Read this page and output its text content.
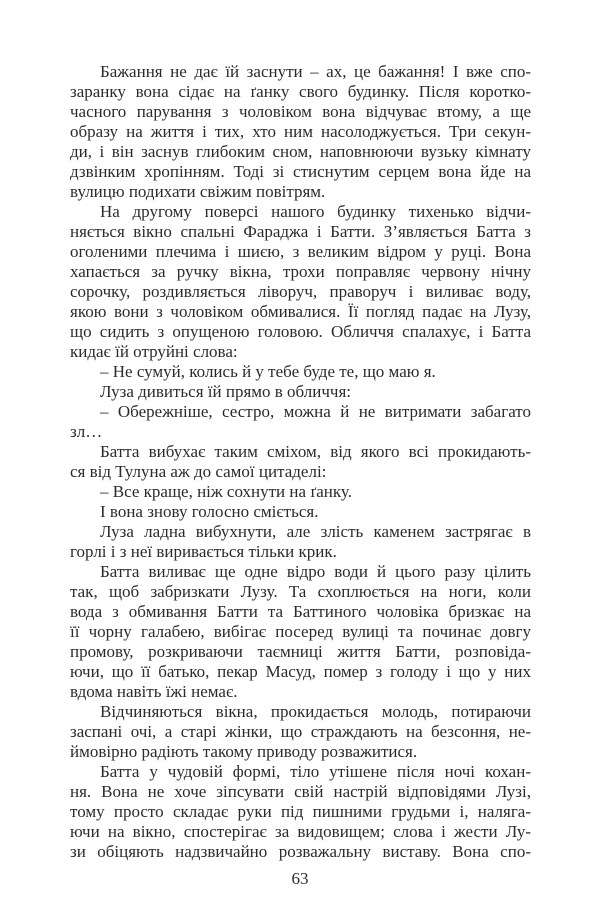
Бажання не дає їй заснути – ах, це бажання! І вже спо-
заранку вона сідає на ґанку свого будинку. Після коротко-
часного парування з чоловіком вона відчуває втому, а ще
образу на життя і тих, хто ним насолоджується. Три секун-
ди, і він заснув глибоким сном, наповнюючи вузьку кімнату
дзвінким хропінням. Тоді зі стиснутим серцем вона йде на
вулицю подихати свіжим повітрям.
На другому поверсі нашого будинку тихенько відчи-
няється вікно спальні Фараджа і Батти. З’являється Батта з
оголеними плечима і шиєю, з великим відром у руці. Вона
хапається за ручку вікна, трохи поправляє червону нічну
сорочку, роздивляється ліворуч, праворуч і виливає воду,
якою вони з чоловіком обмивалися. Її погляд падає на Лузу,
що сидить з опущеною головою. Обличчя спалахує, і Батта
кидає їй отруйні слова:
– Не сумуй, колись й у тебе буде те, що маю я.
Луза дивиться їй прямо в обличчя:
– Обережніше, сестро, можна й не витримати забагато
зл…
Батта вибухає таким сміхом, від якого всі прокидають-
ся від Тулуна аж до самої цитаделі:
– Все краще, ніж сохнути на ґанку.
І вона знову голосно сміється.
Луза ладна вибухнути, але злість каменем застрягає в
горлі і з неї виривається тільки крик.
Батта виливає ще одне відро води й цього разу цілить
так, щоб забризкати Лузу. Та схоплюється на ноги, коли
вода з обмивання Батти та Баттиного чоловіка бризкає на
її чорну галабею, вибігає посеред вулиці та починає довгу
промову, розкриваючи таємниці життя Батти, розповіда-
ючи, що її батько, пекар Масуд, помер з голоду і що у них
вдома навіть їжі немає.
Відчиняються вікна, прокидається молодь, потираючи
заспані очі, а старі жінки, що страждають на безсоння, не-
ймовірно радіють такому приводу розважитися.
Батта у чудовій формі, тіло утішене після ночі кохан-
ня. Вона не хоче зіпсувати свій настрій відповідями Лузі,
тому просто складає руки під пишними грудьми і, налягa-
ючи на вікно, спостерігає за видовищем; слова і жести Лу-
зи обіцяють надзвичайно розважальну виставу. Вона спо-
63
